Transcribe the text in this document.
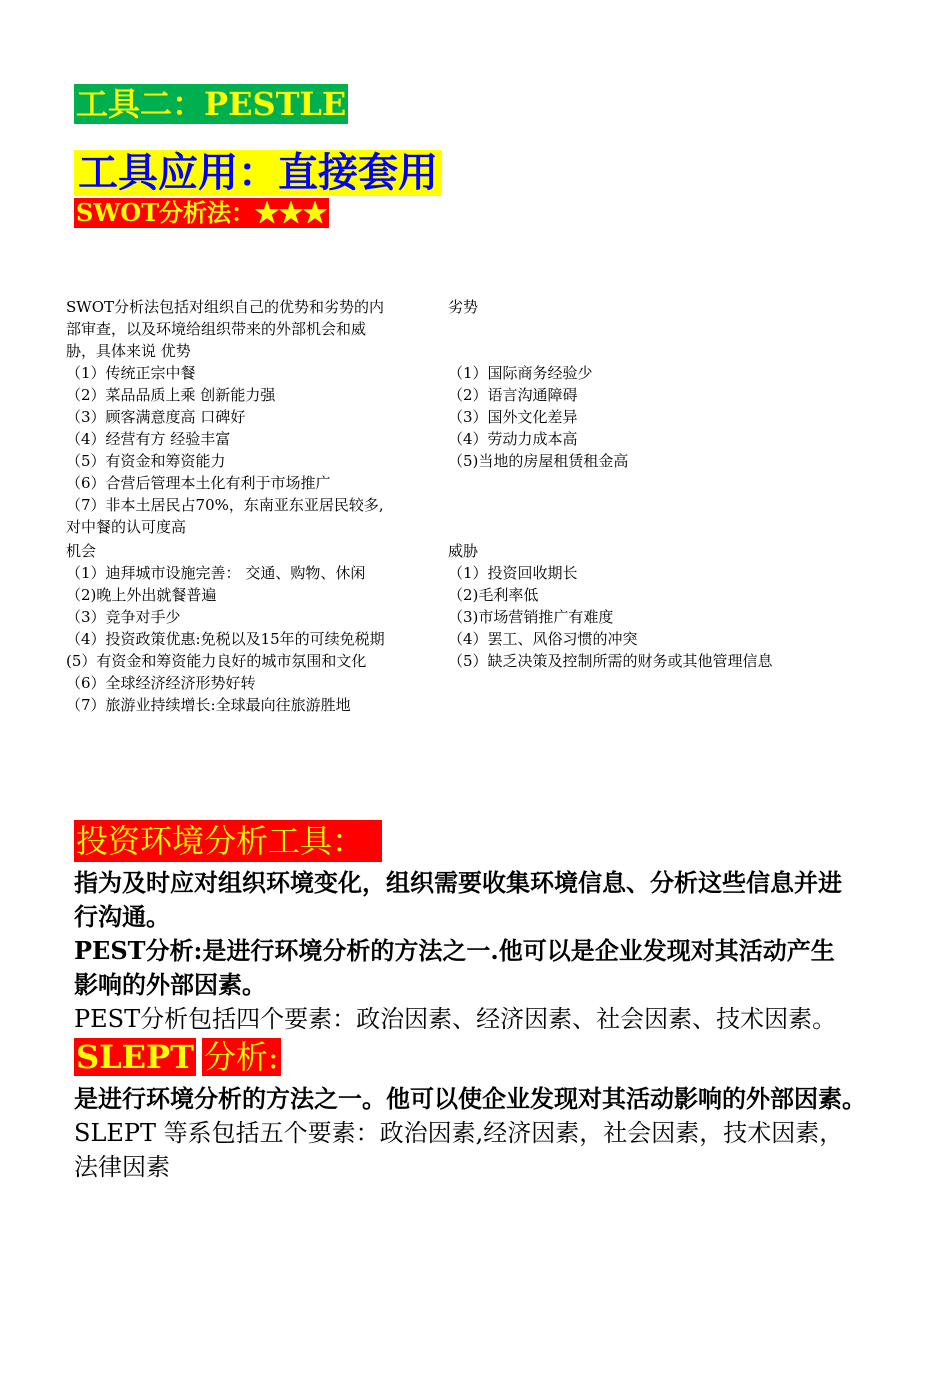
工具二：PESTLE
工具应用：直接套用
SWOT分析法：★★★
SWOT分析法包括对组织自己的优势和劣势的内
部审查，以及环境给组织带来的外部机会和威
胁，具体来说 优势
（1）传统正宗中餐
（2）菜品品质上乘 创新能力强
（3）顾客满意度高 口碑好
（4）经营有方 经验丰富
（5）有资金和筹资能力
（6）合营后管理本土化有利于市场推广
（7）非本土居民占70%，东南亚东亚居民较多,
对中餐的认可度高
机会
（1）迪拜城市设施完善： 交通、购物、休闲
（2)晚上外出就餐普遍
（3）竞争对手少
（4）投资政策优惠:免税以及15年的可续免税期
(5）有资金和筹资能力良好的城市氛围和文化
（6）全球经济经济形势好转
（7）旅游业持续增长:全球最向往旅游胜地
劣势
（1）国际商务经验少
（2）语言沟通障碍
（3）国外文化差异
（4）劳动力成本高
（5)当地的房屋租赁租金高
威胁
（1）投资回收期长
（2)毛利率低
（3)市场营销推广有难度
（4）罢工、风俗习惯的冲突
（5）缺乏决策及控制所需的财务或其他管理信息
投资环境分析工具：
指为及时应对组织环境变化，组织需要收集环境信息、分析这些信息并进
行沟通。
PEST分析:是进行环境分析的方法之一.他可以是企业发现对其活动产生
影响的外部因素。
PEST分析包括四个要素：政治因素、经济因素、社会因素、技术因素。
SLEPT 分析:
是进行环境分析的方法之一。他可以使企业发现对其活动影响的外部因素。
SLEPT 等系包括五个要素：政治因素,经济因素，社会因素，技术因素，
法律因素
